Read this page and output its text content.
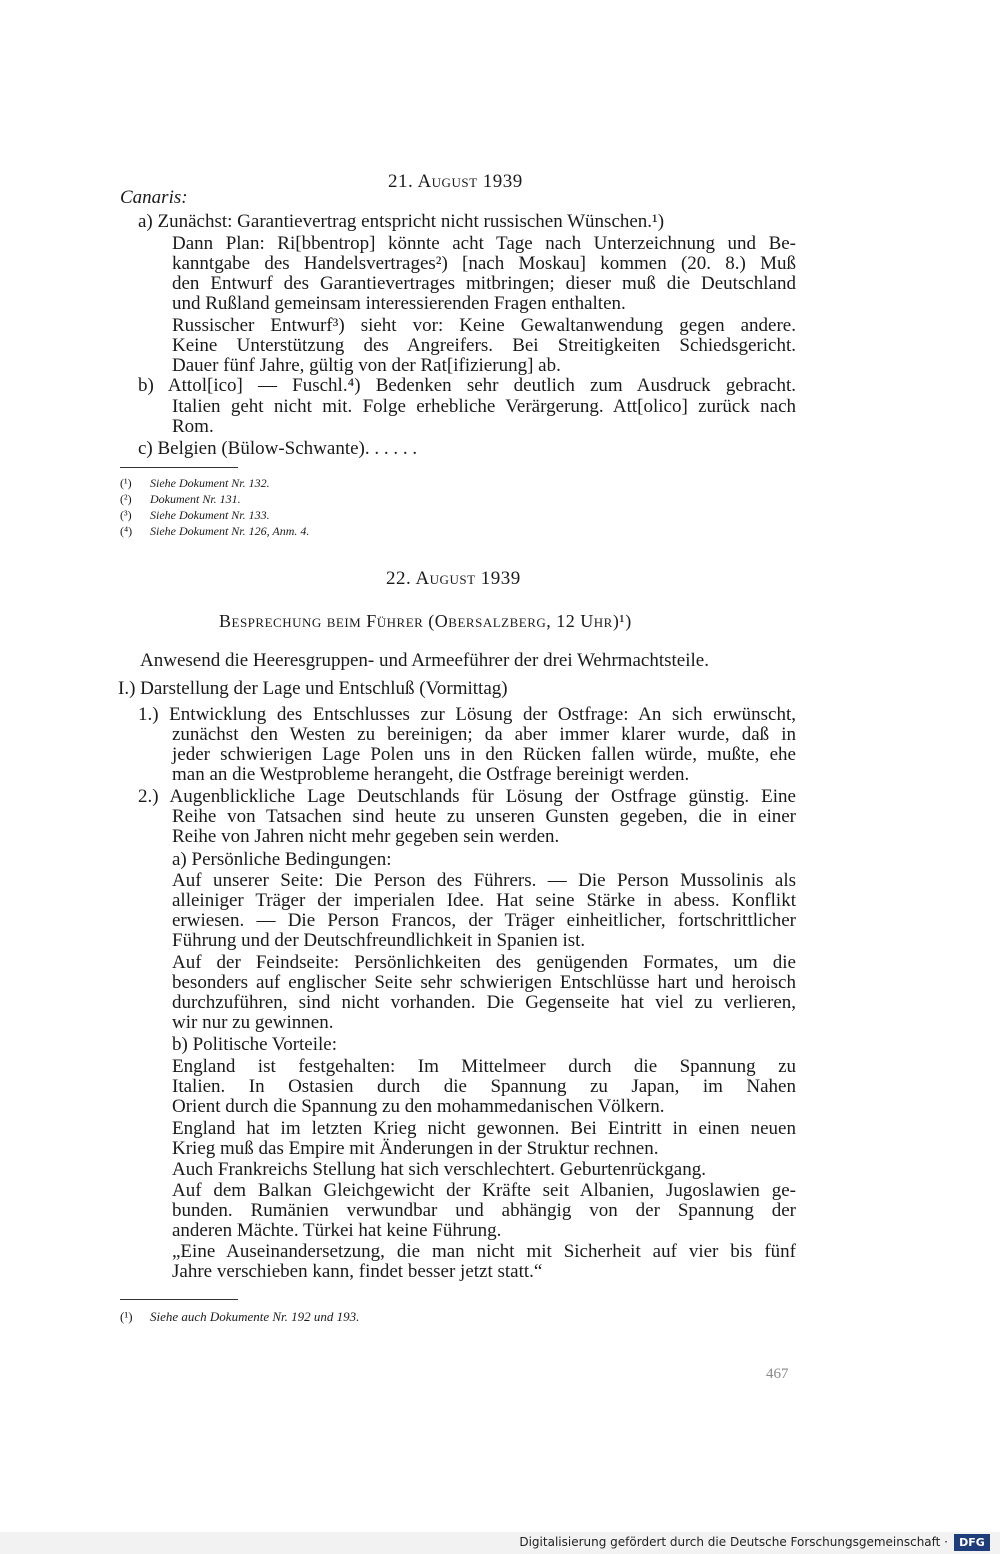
21. August 1939
Canaris:
a) Zunächst: Garantievertrag entspricht nicht russischen Wünschen.¹)
Dann Plan: Ri[bbentrop] könnte acht Tage nach Unterzeichnung und Be-
kanntgabe des Handelsvertrages²) [nach Moskau] kommen (20. 8.) Muß
den Entwurf des Garantievertrages mitbringen; dieser muß die Deutschland
und Rußland gemeinsam interessierenden Fragen enthalten.
Russischer Entwurf³) sieht vor: Keine Gewaltanwendung gegen andere.
Keine Unterstützung des Angreifers. Bei Streitigkeiten Schiedsgericht.
Dauer fünf Jahre, gültig von der Rat[ifizierung] ab.
b) Attol[ico] — Fuschl.⁴) Bedenken sehr deutlich zum Ausdruck gebracht.
Italien geht nicht mit. Folge erhebliche Verärgerung. Att[olico] zurück nach
Rom.
c) Belgien (Bülow-Schwante). . . . . .
(¹) Siehe Dokument Nr. 132.
(²) Dokument Nr. 131.
(³) Siehe Dokument Nr. 133.
(⁴) Siehe Dokument Nr. 126, Anm. 4.
22. August 1939
Besprechung beim Führer (Obersalzberg, 12 Uhr)¹)
Anwesend die Heeresgruppen- und Armeeführer der drei Wehrmachtsteile.
I.) Darstellung der Lage und Entschluß (Vormittag)
1.) Entwicklung des Entschlusses zur Lösung der Ostfrage: An sich erwünscht,
zunächst den Westen zu bereinigen; da aber immer klarer wurde, daß in
jeder schwierigen Lage Polen uns in den Rücken fallen würde, mußte, ehe
man an die Westprobleme herangeht, die Ostfrage bereinigt werden.
2.) Augenblickliche Lage Deutschlands für Lösung der Ostfrage günstig. Eine
Reihe von Tatsachen sind heute zu unseren Gunsten gegeben, die in einer
Reihe von Jahren nicht mehr gegeben sein werden.
a) Persönliche Bedingungen:
Auf unserer Seite: Die Person des Führers. — Die Person Mussolinis als
alleiniger Träger der imperialen Idee. Hat seine Stärke in abess. Konflikt
erwiesen. — Die Person Francos, der Träger einheitlicher, fortschrittlicher
Führung und der Deutschfreundlichkeit in Spanien ist.
Auf der Feindseite: Persönlichkeiten des genügenden Formates, um die
besonders auf englischer Seite sehr schwierigen Entschlüsse hart und heroisch
durchzuführen, sind nicht vorhanden. Die Gegenseite hat viel zu verlieren,
wir nur zu gewinnen.
b) Politische Vorteile:
England ist festgehalten: Im Mittelmeer durch die Spannung zu
Italien. In Ostasien durch die Spannung zu Japan, im Nahen
Orient durch die Spannung zu den mohammedanischen Völkern.
England hat im letzten Krieg nicht gewonnen. Bei Eintritt in einen neuen
Krieg muß das Empire mit Änderungen in der Struktur rechnen.
Auch Frankreichs Stellung hat sich verschlechtert. Geburtenrückgang.
Auf dem Balkan Gleichgewicht der Kräfte seit Albanien, Jugoslawien ge-
bunden. Rumänien verwundbar und abhängig von der Spannung der
anderen Mächte. Türkei hat keine Führung.
„Eine Auseinandersetzung, die man nicht mit Sicherheit auf vier bis fünf
Jahre verschieben kann, findet besser jetzt statt.“
(¹) Siehe auch Dokumente Nr. 192 und 193.
467
Digitalisierung gefördert durch die Deutsche Forschungsgemeinschaft ·	DFG
